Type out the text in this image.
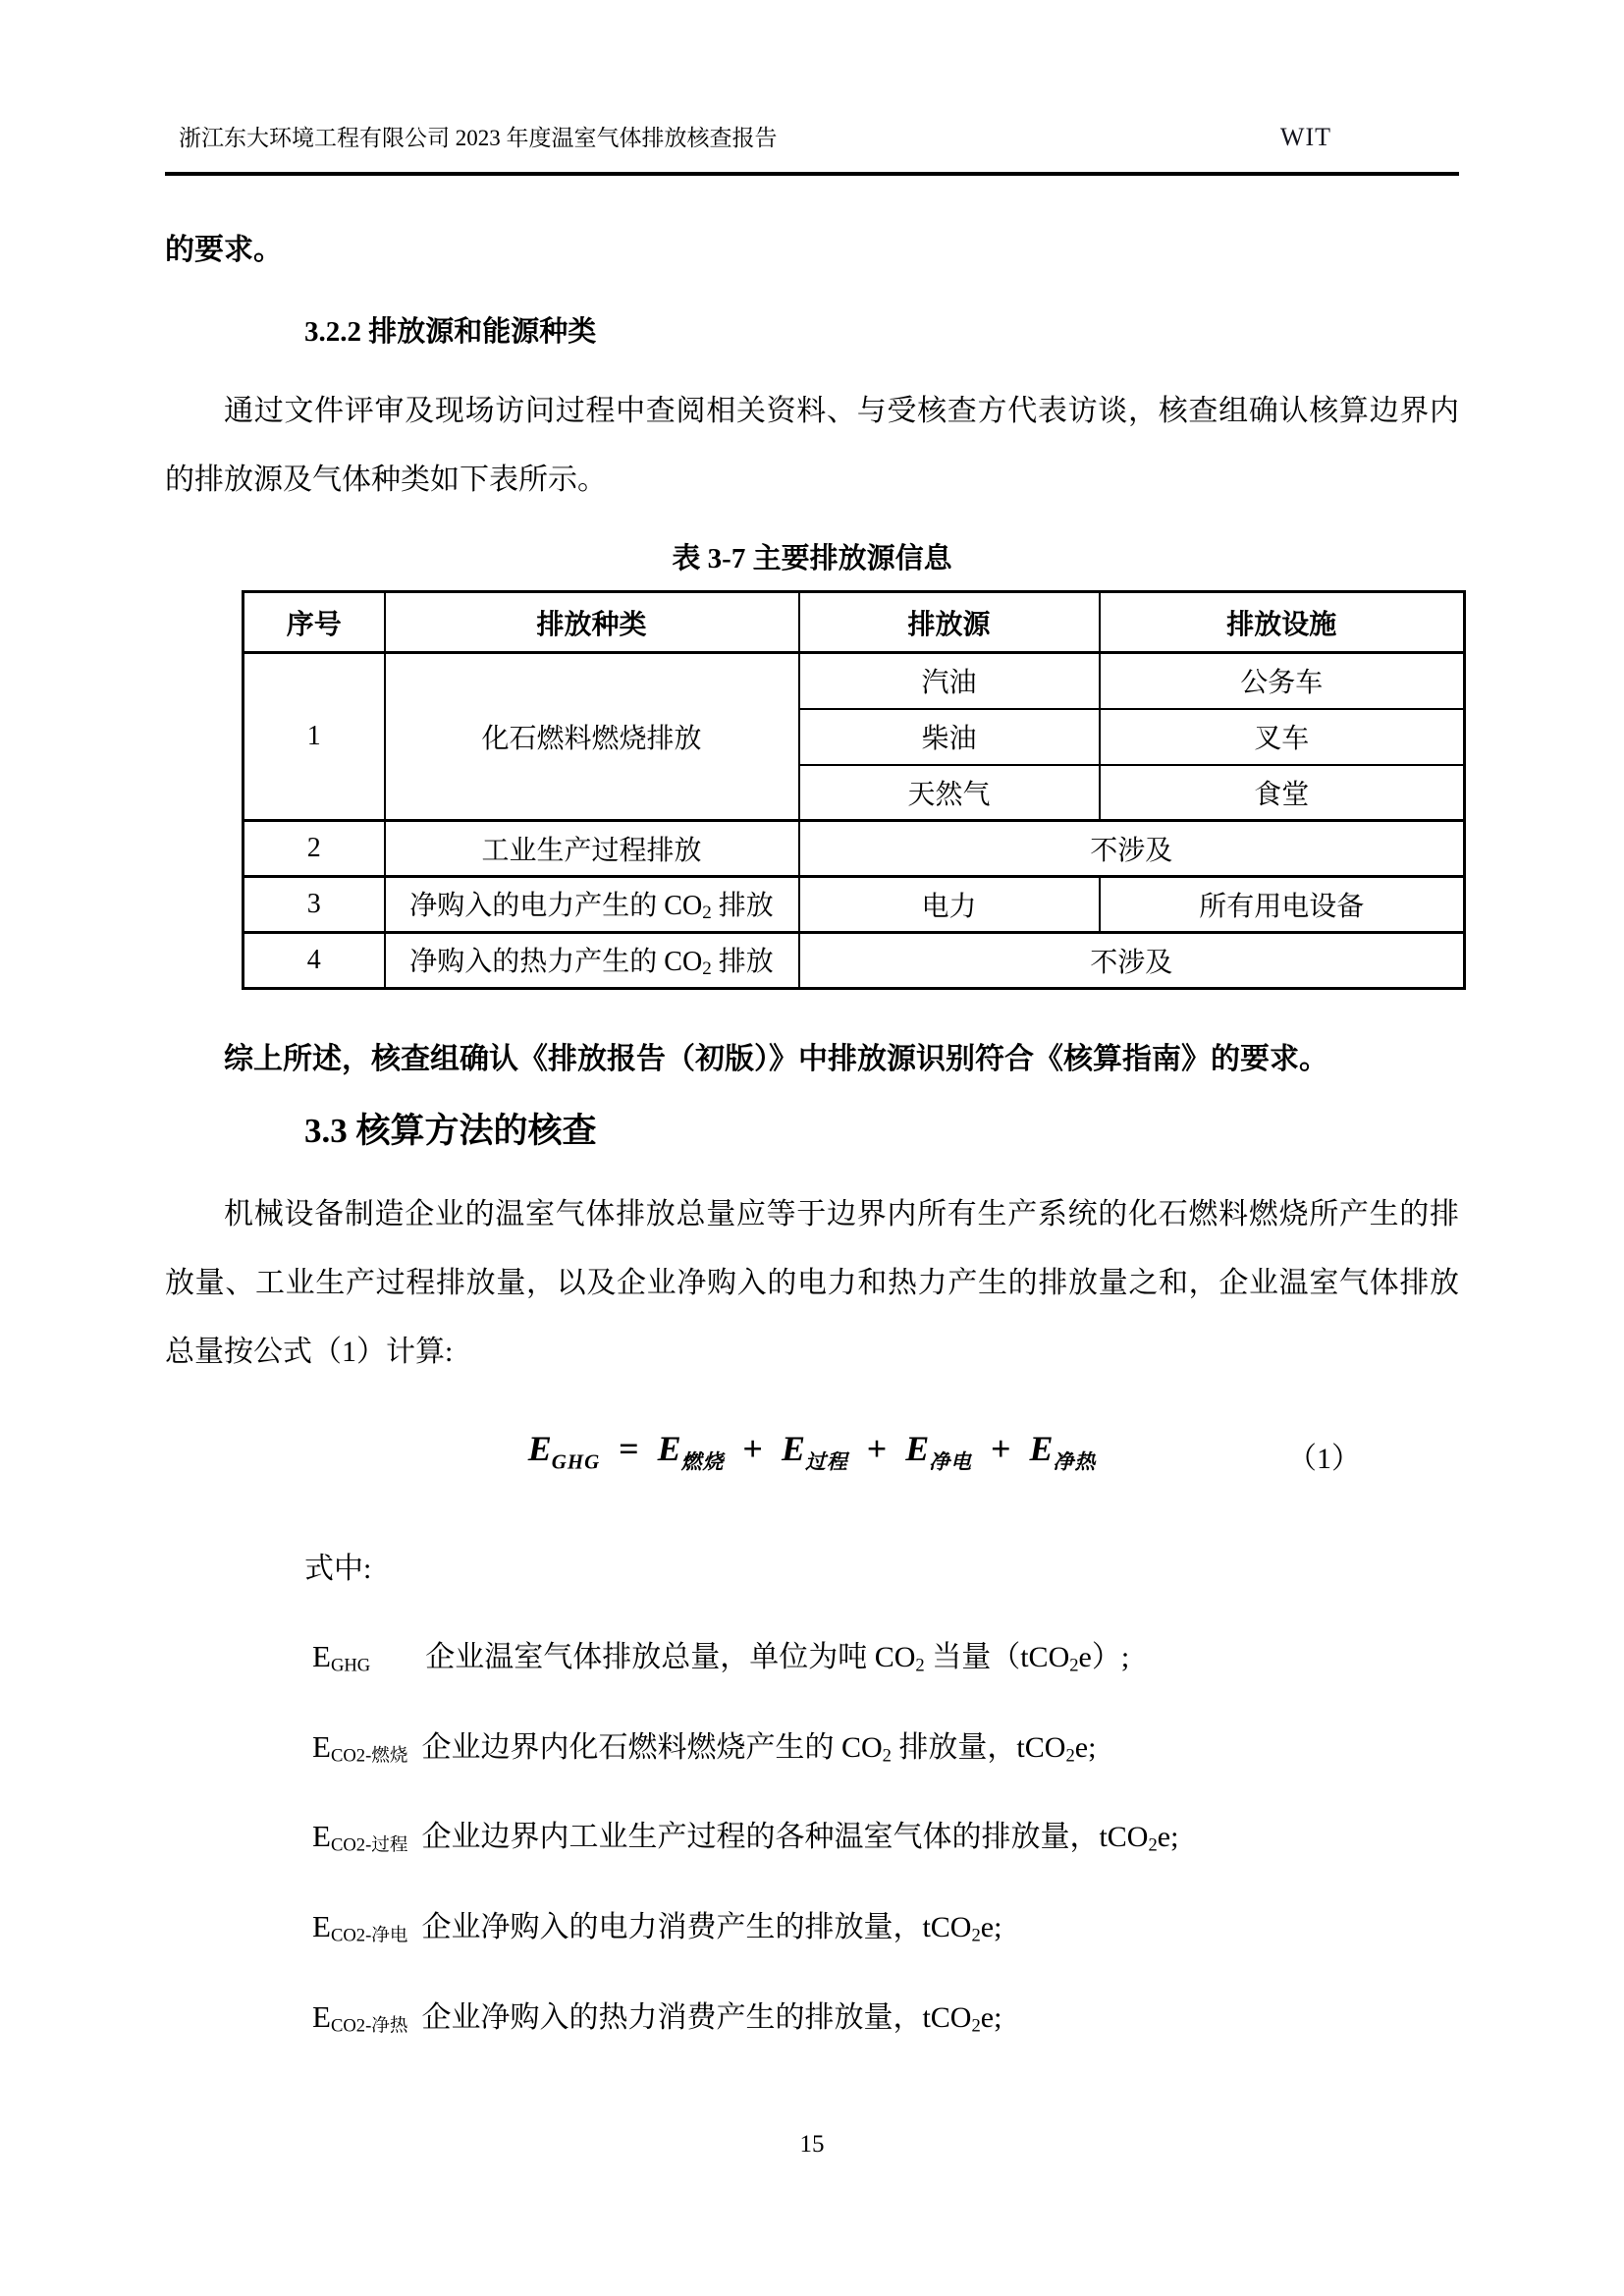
浙江东大环境工程有限公司 2023 年度温室气体排放核查报告	WIT

的要求。

3.2.2 排放源和能源种类

通过文件评审及现场访问过程中查阅相关资料、与受核查方代表访谈，核查组确认核算边界内的排放源及气体种类如下表所示。

表 3-7 主要排放源信息

序号	排放种类	排放源	排放设施
1	化石燃料燃烧排放	汽油	公务车
		柴油	叉车
		天然气	食堂
2	工业生产过程排放	不涉及	
3	净购入的电力产生的 CO2 排放	电力	所有用电设备
4	净购入的热力产生的 CO2 排放	不涉及	

综上所述，核查组确认《排放报告（初版）》中排放源识别符合《核算指南》的要求。

3.3 核算方法的核查

机械设备制造企业的温室气体排放总量应等于边界内所有生产系统的化石燃料燃烧所产生的排放量、工业生产过程排放量，以及企业净购入的电力和热力产生的排放量之和，企业温室气体排放总量按公式（1）计算:

$E_{GHG} = E_{燃烧} + E_{过程} + E_{净电} + E_{净热}$	（1）

式中:

EGHG 企业温室气体排放总量，单位为吨 CO2 当量（tCO2e）;

ECO2-燃烧 企业边界内化石燃料燃烧产生的 CO2 排放量，tCO2e;

ECO2-过程 企业边界内工业生产过程的各种温室气体的排放量，tCO2e;

ECO2-净电 企业净购入的电力消费产生的排放量，tCO2e;

ECO2-净热 企业净购入的热力消费产生的排放量，tCO2e;

15
